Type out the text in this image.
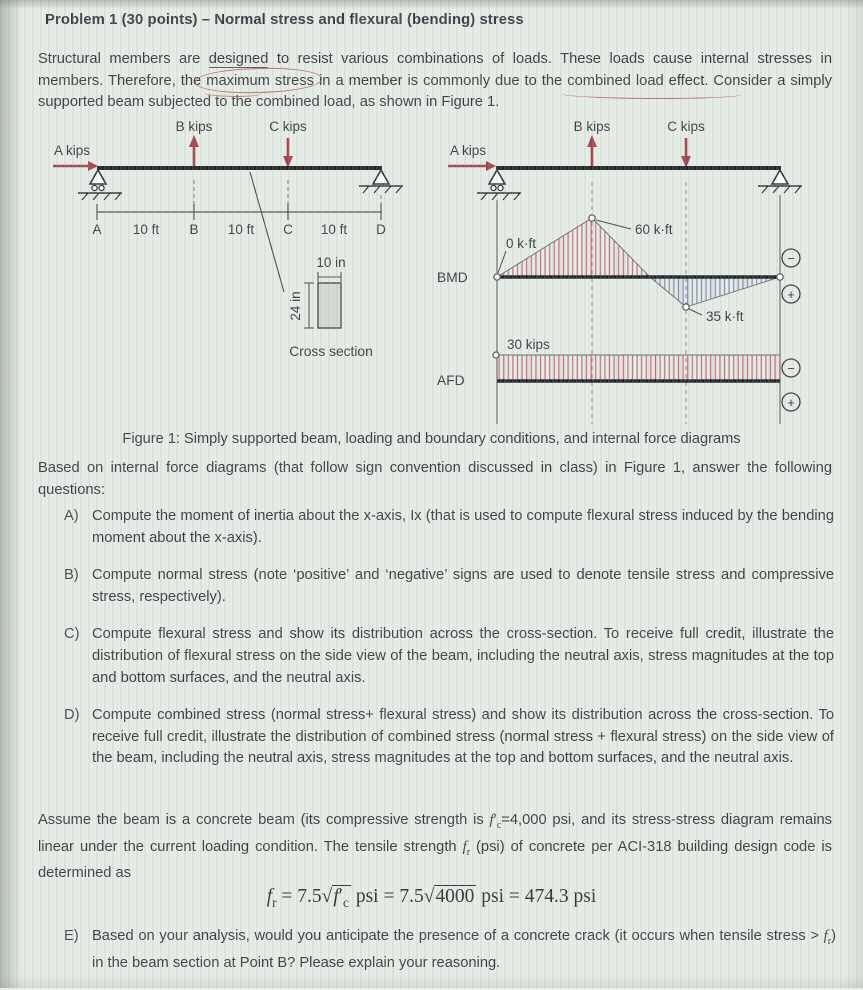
Problem 1 (30 points) – Normal stress and flexural (bending) stress

Structural members are designed to resist various combinations of loads. These loads cause internal stresses in members. Therefore, the maximum stress in a member is commonly due to the combined load effect. Consider a simply supported beam subjected to the combined load, as shown in Figure 1.

A kips
B kips	C kips
A 10 ft B 10 ft C 10 ft D
10 in
24 in
Cross section
A kips
B kips	C kips
BMD
0 k·ft
60 k·ft
35 k·ft
−
+
AFD
30 kips
−
+
Figure 1: Simply supported beam, loading and boundary conditions, and internal force diagrams

Based on internal force diagrams (that follow sign convention discussed in class) in Figure 1, answer the following questions:

A) Compute the moment of inertia about the x-axis, Ix (that is used to compute flexural stress induced by the bending moment about the x-axis).
B) Compute normal stress (note ‘positive’ and ‘negative’ signs are used to denote tensile stress and compressive stress, respectively).
C) Compute flexural stress and show its distribution across the cross-section. To receive full credit, illustrate the distribution of flexural stress on the side view of the beam, including the neutral axis, stress magnitudes at the top and bottom surfaces, and the neutral axis.
D) Compute combined stress (normal stress+ flexural stress) and show its distribution across the cross-section. To receive full credit, illustrate the distribution of combined stress (normal stress + flexural stress) on the side view of the beam, including the neutral axis, stress magnitudes at the top and bottom surfaces, and the neutral axis.

Assume the beam is a concrete beam (its compressive strength is $f'_c=4,000$ psi, and its stress-stress diagram remains linear under the current loading condition. The tensile strength $f_r$ (psi) of concrete per ACI-318 building design code is determined as

$f_r = 7.5√f'_c$ psi = 7.5√4000 psi = 474.3 psi
E) Based on your analysis, would you anticipate the presence of a concrete crack (it occurs when tensile stress > $f_r$) in the beam section at Point B? Please explain your reasoning.
